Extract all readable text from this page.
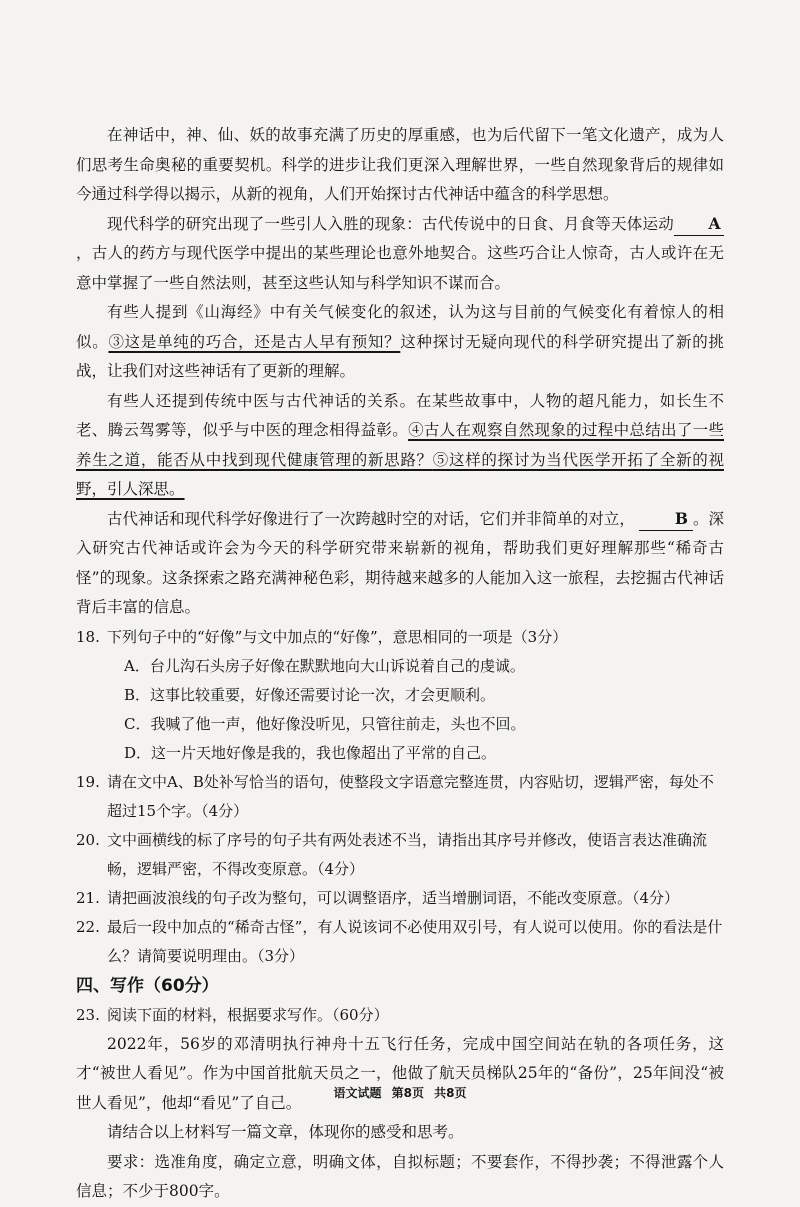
在神话中，神、仙、妖的故事充满了历史的厚重感，也为后代留下一笔文化遗产，成为人们思考生命奥秘的重要契机。科学的进步让我们更深入理解世界，一些自然现象背后的规律如今通过科学得以揭示，从新的视角，人们开始探讨古代神话中蕴含的科学思想。

现代科学的研究出现了一些引人入胜的现象：古代传说中的日食、月食等天体运动 A，古人的药方与现代医学中提出的某些理论也意外地契合。这些巧合让人惊奇，古人或许在无意中掌握了一些自然法则，甚至这些认知与科学知识不谋而合。

有些人提到《山海经》中有关气候变化的叙述，认为这与目前的气候变化有着惊人的相似。③这是单纯的巧合，还是古人早有预知？这种探讨无疑向现代的科学研究提出了新的挑战，让我们对这些神话有了更新的理解。

有些人还提到传统中医与古代神话的关系。在某些故事中，人物的超凡能力，如长生不老、腾云驾雾等，似乎与中医的理念相得益彰。④古人在观察自然现象的过程中总结出了一些养生之道，能否从中找到现代健康管理的新思路？⑤这样的探讨为当代医学开拓了全新的视野，引人深思。

古代神话和现代科学好像进行了一次跨越时空的对话，它们并非简单的对立，	B 。深入研究古代神话或许会为今天的科学研究带来崭新的视角，帮助我们更好理解那些“稀奇古怪”的现象。这条探索之路充满神秘色彩，期待越来越多的人能加入这一旅程，去挖掘古代神话背后丰富的信息。

18. 下列句子中的“好像”与文中加点的“好像”，意思相同的一项是（3分）

A．台儿沟石头房子好像在默默地向大山诉说着自己的虔诚。

B．这事比较重要，好像还需要讨论一次，才会更顺利。

C．我喊了他一声，他好像没听见，只管往前走，头也不回。

D．这一片天地好像是我的，我也像超出了平常的自己。

19. 请在文中A、B处补写恰当的语句，使整段文字语意完整连贯，内容贴切，逻辑严密，每处不超过15个字。（4分）

20. 文中画横线的标了序号的句子共有两处表述不当，请指出其序号并修改，使语言表达准确流畅，逻辑严密，不得改变原意。（4分）

21. 请把画波浪线的句子改为整句，可以调整语序，适当增删词语，不能改变原意。（4分）

22. 最后一段中加点的“稀奇古怪”，有人说该词不必使用双引号，有人说可以使用。你的看法是什么？请简要说明理由。（3分）

四、写作（60分）

23. 阅读下面的材料，根据要求写作。（60分）

2022年，56岁的邓清明执行神舟十五飞行任务，完成中国空间站在轨的各项任务，这才“被世人看见”。作为中国首批航天员之一，他做了航天员梯队25年的“备份”，25年间没“被世人看见”，他却“看见”了自己。

请结合以上材料写一篇文章，体现你的感受和思考。

要求：选准角度，确定立意，明确文体，自拟标题；不要套作，不得抄袭；不得泄露个人信息；不少于800字。

语文试题 第8页 共8页
